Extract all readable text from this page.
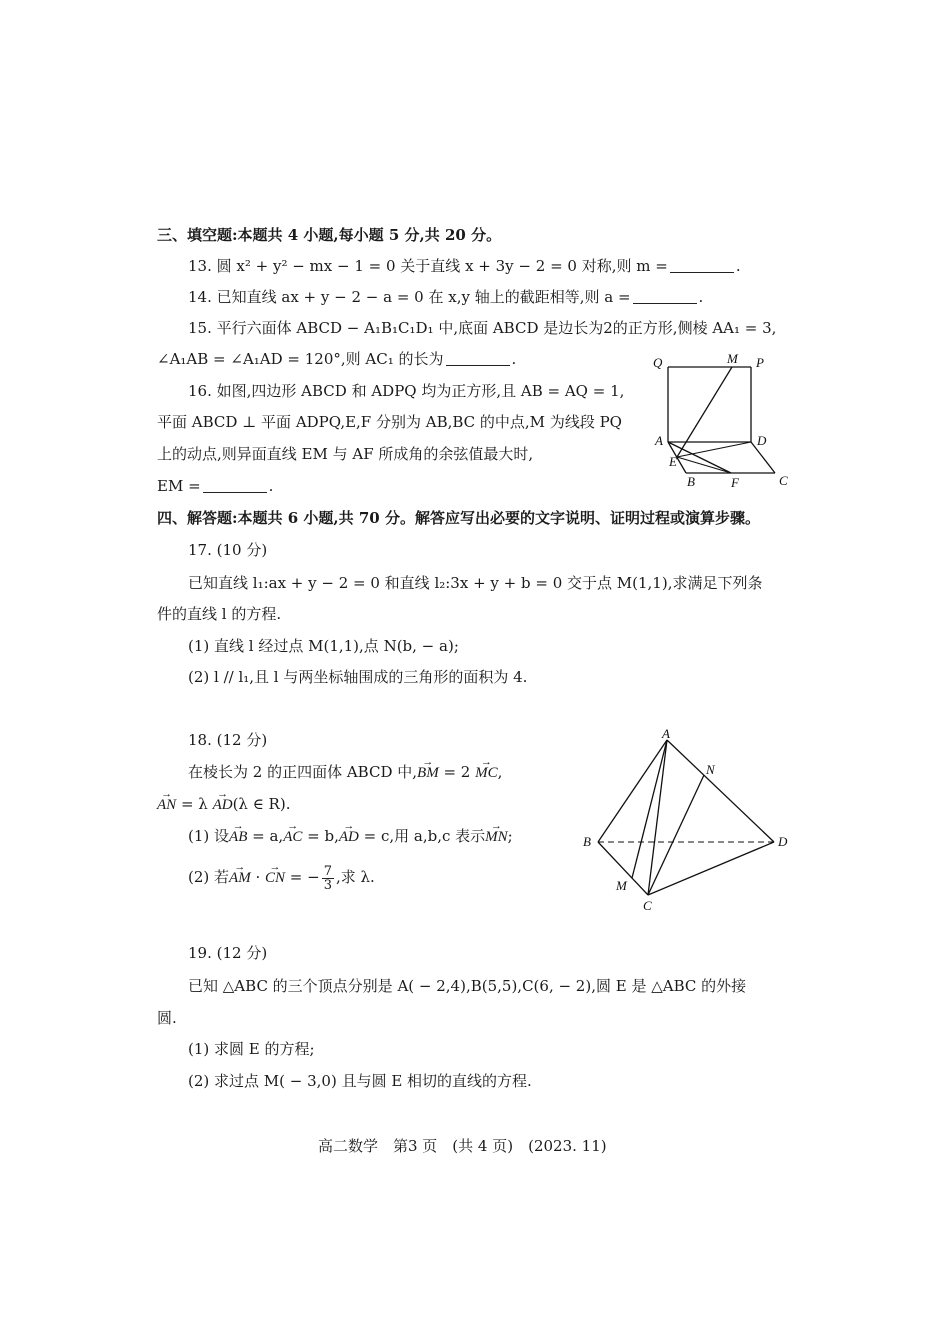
三、填空题:本题共 4 小题,每小题 5 分,共 20 分。
13. 圆 x² + y² − mx − 1 = 0 关于直线 x + 3y − 2 = 0 对称,则 m =	.
14. 已知直线 ax + y − 2 − a = 0 在 x,y 轴上的截距相等,则 a =	.
15. 平行六面体 ABCD − A₁B₁C₁D₁ 中,底面 ABCD 是边长为2的正方形,侧棱 AA₁ = 3,
∠A₁AB = ∠A₁AD = 120°,则 AC₁ 的长为	.
16. 如图,四边形 ABCD 和 ADPQ 均为正方形,且 AB = AQ = 1,
平面 ABCD ⊥ 平面 ADPQ,E,F 分别为 AB,BC 的中点,M 为线段 PQ
上的动点,则异面直线 EM 与 AF 所成角的余弦值最大时,
EM =	.
Q	M P
A	D
E
B	F	C
四、解答题:本题共 6 小题,共 70 分。解答应写出必要的文字说明、证明过程或演算步骤。
17. (10 分)
已知直线 l₁:ax + y − 2 = 0 和直线 l₂:3x + y + b = 0 交于点 M(1,1),求满足下列条
件的直线 l 的方程.
(1) 直线 l 经过点 M(1,1),点 N(b, − a);
(2) l // l₁,且 l 与两坐标轴围成的三角形的面积为 4.
18. (12 分)
在棱长为 2 的正四面体 ABCD 中,→ BM = 2 → MC,
→ AN = λ → AD(λ ∈ R).
(1) 设→ AB = a,→ AC = b,→ AD = c,用 a,b,c 表示→ MN;
(2) 若→ AM · → CN = − $\frac{7}{3}$ ,求 λ.
A
N
B	D
M
C
19. (12 分)
已知 △ABC 的三个顶点分别是 A( − 2,4),B(5,5),C(6, − 2),圆 E 是 △ABC 的外接
圆.
(1) 求圆 E 的方程;
(2) 求过点 M( − 3,0) 且与圆 E 相切的直线的方程.
高二数学　第3 页　(共 4 页)　(2023. 11)
